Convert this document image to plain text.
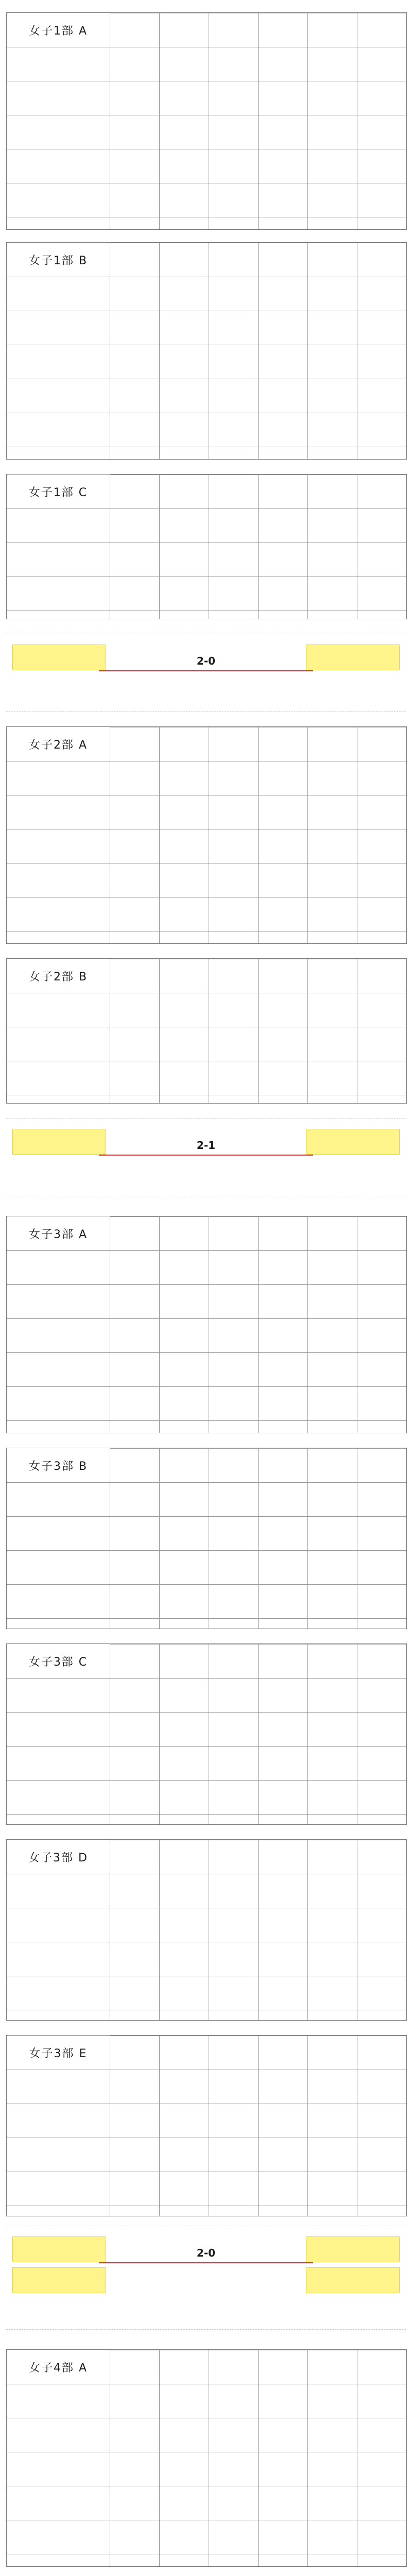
女子1部 A
女子1部 B
女子1部 C
2-0
女子2部 A
女子2部 B
2-1
女子3部 A
女子3部 B
女子3部 C
女子3部 D
女子3部 E
2-0
女子4部 A
